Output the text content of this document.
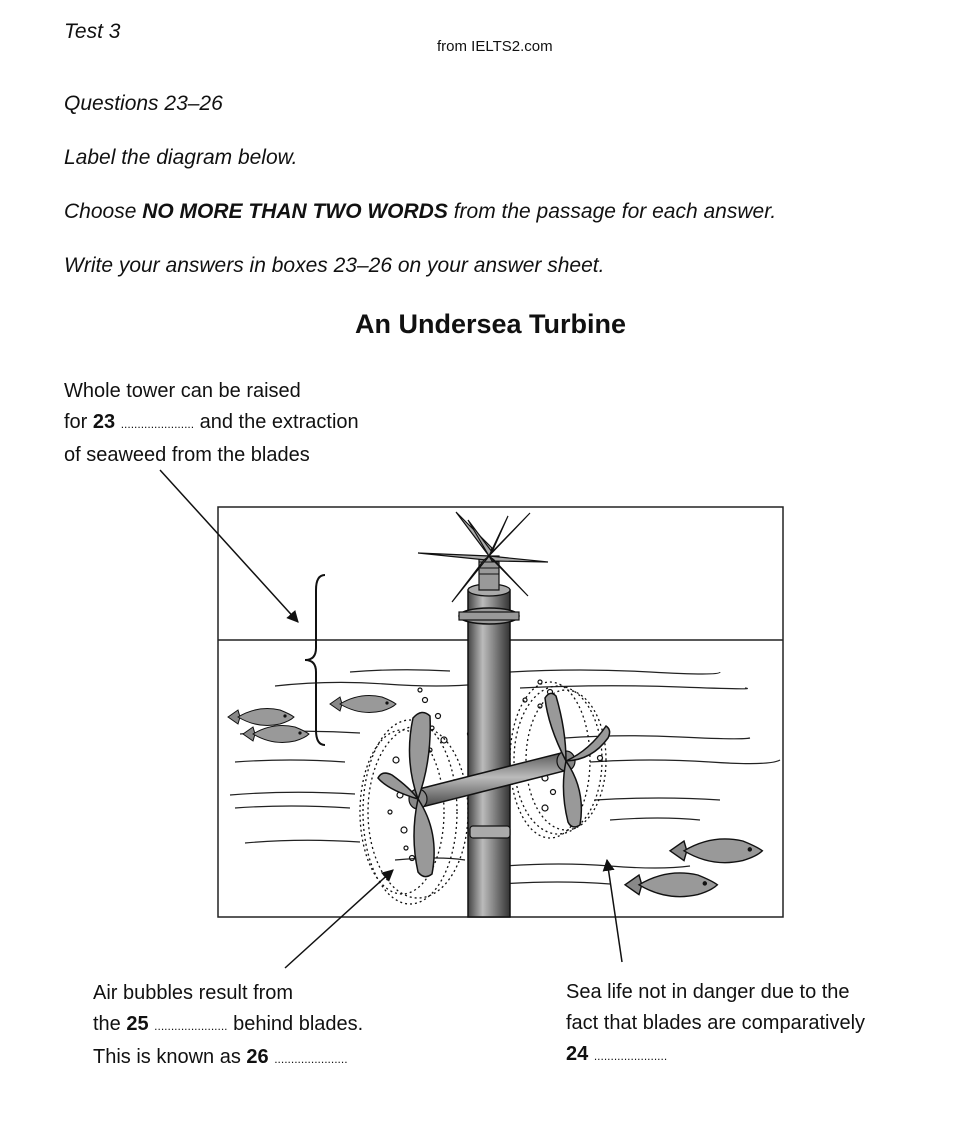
Test 3
from IELTS2.com
Questions 23–26
Label the diagram below.
Choose NO MORE THAN TWO WORDS from the passage for each answer.
Write your answers in boxes 23–26 on your answer sheet.
An Undersea Turbine
Whole tower can be raised
for 23 ...................... and the extraction
of seaweed from the blades
Air bubbles result from
the 25 ...................... behind blades.
This is known as 26 ......................
Sea life not in danger due to the
fact that blades are comparatively
24 ......................
